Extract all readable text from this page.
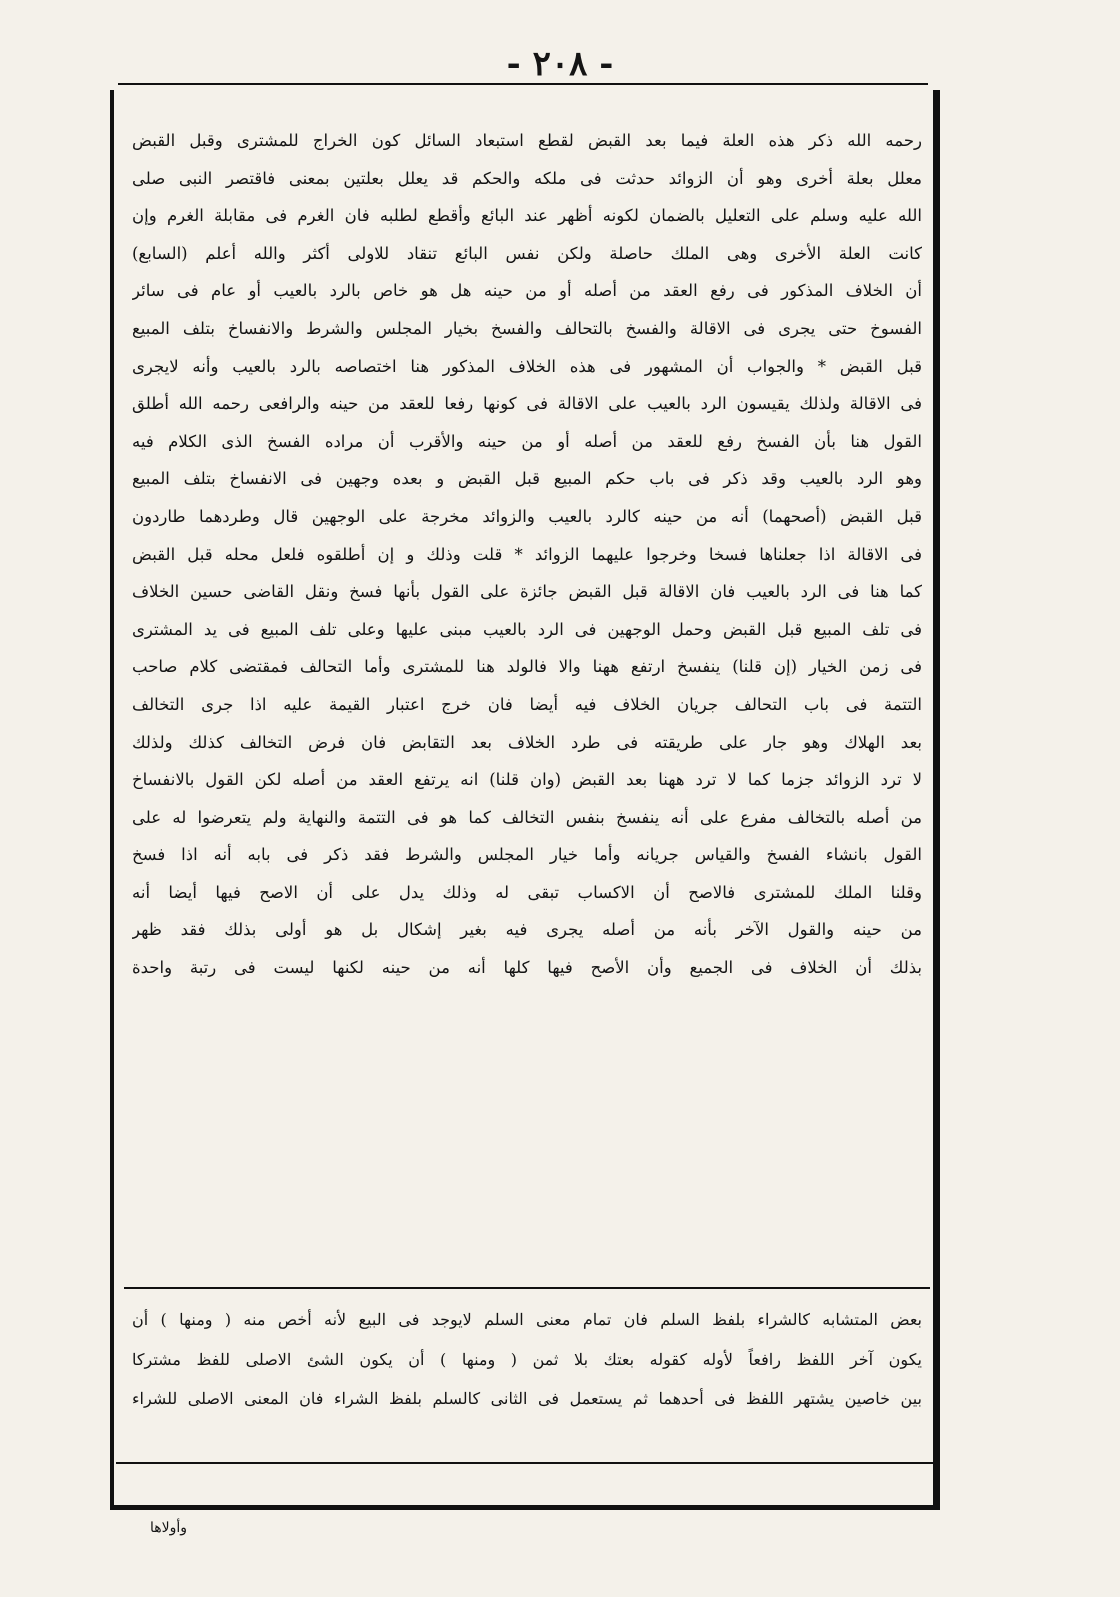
- ٢٠٨ -
رحمه الله ذكر هذه العلة فيما بعد القبض لقطع استبعاد السائل كون الخراج للمشترى وقبل القبض
معلل بعلة أخرى وهو أن الزوائد حدثت فى ملكه والحكم قد يعلل بعلتين بمعنى فاقتصر النبى صلى
الله عليه وسلم على التعليل بالضمان لكونه أظهر عند البائع وأقطع لطلبه فان الغرم فى مقابلة الغرم وإن
كانت العلة الأخرى وهى الملك حاصلة ولكن نفس البائع تنقاد للاولى أكثر والله أعلم (السابع)
أن الخلاف المذكور فى رفع العقد من أصله أو من حينه هل هو خاص بالرد بالعيب أو عام فى سائر
الفسوخ حتى يجرى فى الاقالة والفسخ بالتحالف والفسخ بخيار المجلس والشرط والانفساخ بتلف المبيع
قبل القبض * والجواب أن المشهور فى هذه الخلاف المذكور هنا اختصاصه بالرد بالعيب وأنه لايجرى
فى الاقالة ولذلك يقيسون الرد بالعيب على الاقالة فى كونها رفعا للعقد من حينه والرافعى رحمه الله أطلق
القول هنا بأن الفسخ رفع للعقد من أصله أو من حينه والأقرب أن مراده الفسخ الذى الكلام فيه
وهو الرد بالعيب وقد ذكر فى باب حكم المبيع قبل القبض و بعده وجهين فى الانفساخ بتلف المبيع
قبل القبض (أصحهما) أنه من حينه كالرد بالعيب والزوائد مخرجة على الوجهين قال وطردهما طاردون
فى الاقالة اذا جعلناها فسخا وخرجوا عليهما الزوائد * قلت وذلك و إن أطلقوه فلعل محله قبل القبض
كما هنا فى الرد بالعيب فان الاقالة قبل القبض جائزة على القول بأنها فسخ ونقل القاضى حسين الخلاف
فى تلف المبيع قبل القبض وحمل الوجهين فى الرد بالعيب مبنى عليها وعلى تلف المبيع فى يد المشترى
فى زمن الخيار (إن قلنا) ينفسخ ارتفع ههنا والا فالولد هنا للمشترى وأما التحالف فمقتضى كلام صاحب
التتمة فى باب التحالف جريان الخلاف فيه أيضا فان خرج اعتبار القيمة عليه اذا جرى التخالف
بعد الهلاك وهو جار على طريقته فى طرد الخلاف بعد التقابض فان فرض التخالف كذلك ولذلك
لا ترد الزوائد جزما كما لا ترد ههنا بعد القبض (وان قلنا) انه يرتفع العقد من أصله لكن القول بالانفساخ
من أصله بالتخالف مفرع على أنه ينفسخ بنفس التخالف كما هو فى التتمة والنهاية ولم يتعرضوا له على
القول بانشاء الفسخ والقياس جريانه وأما خيار المجلس والشرط فقد ذكر فى بابه أنه اذا فسخ
وقلنا الملك للمشترى فالاصح أن الاكساب تبقى له وذلك يدل على أن الاصح فيها أيضا أنه
من حينه والقول الآخر بأنه من أصله يجرى فيه بغير إشكال بل هو أولى بذلك فقد ظهر
بذلك أن الخلاف فى الجميع وأن الأصح فيها كلها أنه من حينه لكنها ليست فى رتبة واحدة
بعض المتشابه كالشراء بلفظ السلم فان تمام معنى السلم لايوجد فى البيع لأنه أخص منه ( ومنها ) أن
يكون آخر اللفظ رافعاً لأوله كقوله بعتك بلا ثمن ( ومنها ) أن يكون الشئ الاصلى للفظ مشتركا
بين خاصين يشتهر اللفظ فى أحدهما ثم يستعمل فى الثانى كالسلم بلفظ الشراء فان المعنى الاصلى للشراء
وأولاها
